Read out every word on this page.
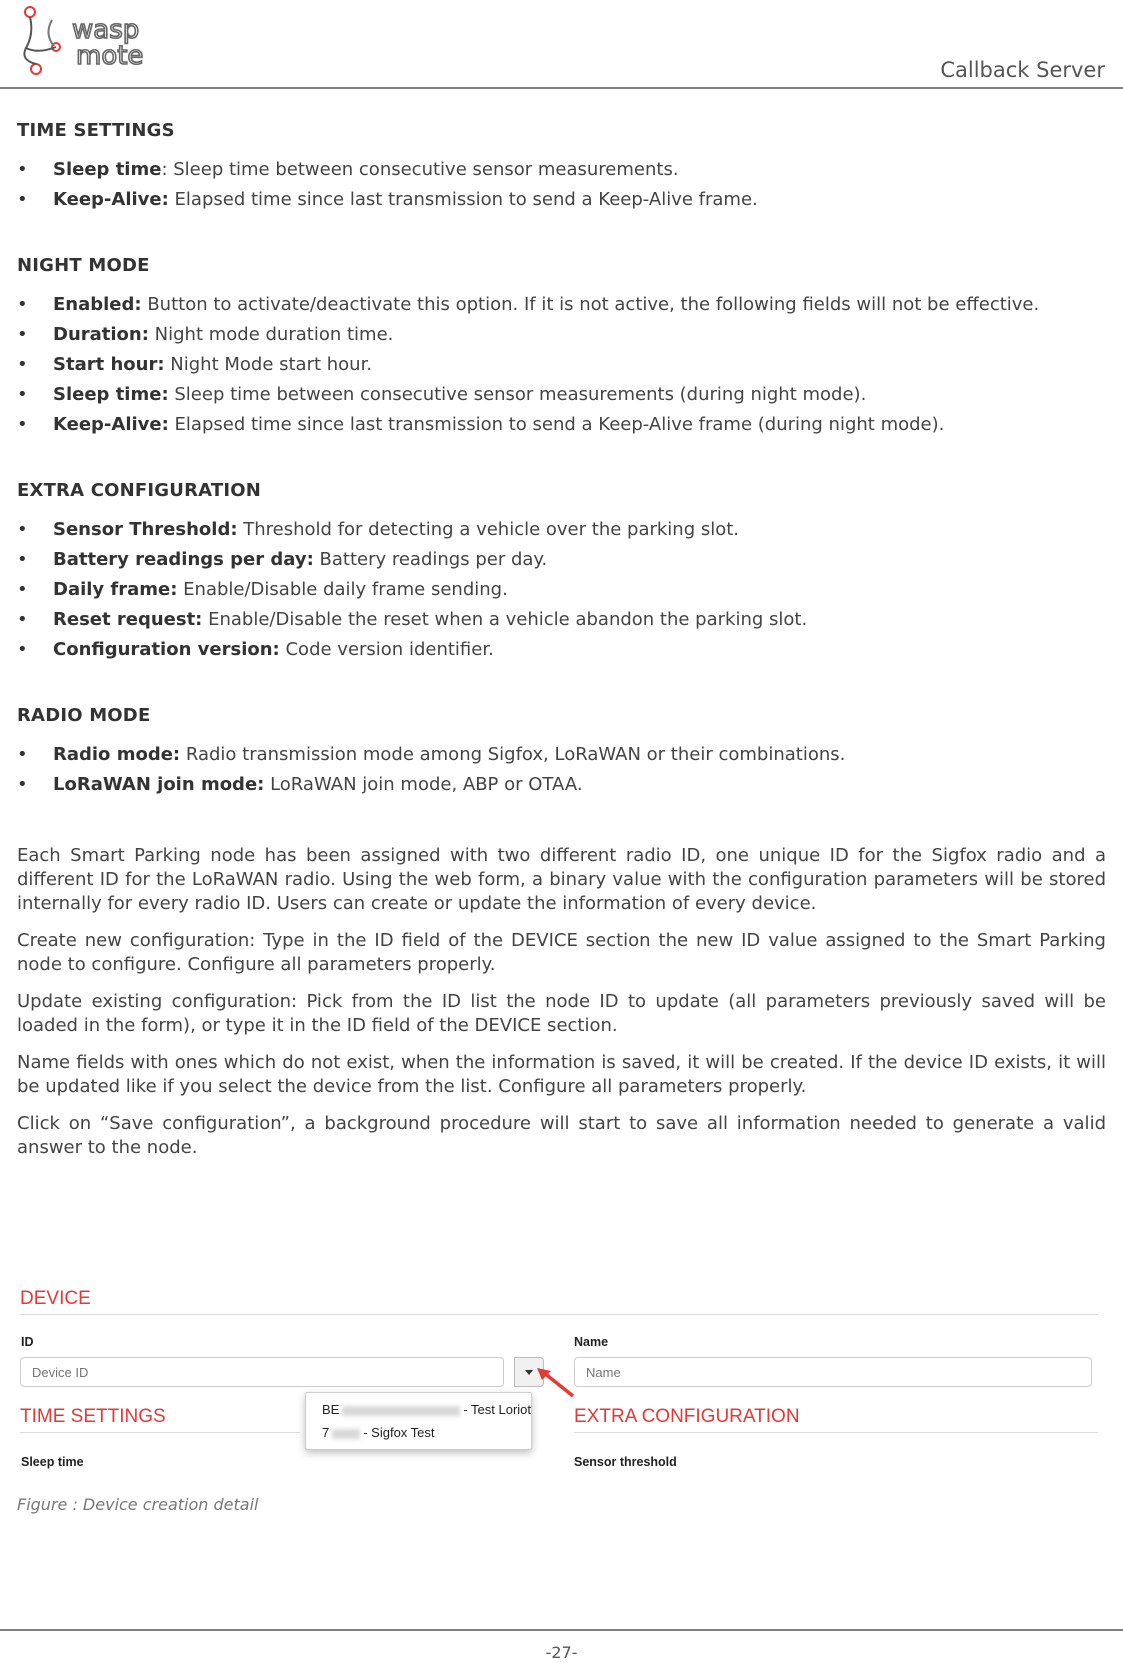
wasp
mote	Callback Server
TIME SETTINGS
•	Sleep time: Sleep time between consecutive sensor measurements.
•	Keep-Alive: Elapsed time since last transmission to send a Keep-Alive frame.
NIGHT MODE
•	Enabled: Button to activate/deactivate this option. If it is not active, the following fields will not be effective.
•	Duration: Night mode duration time.
•	Start hour: Night Mode start hour.
•	Sleep time: Sleep time between consecutive sensor measurements (during night mode).
•	Keep-Alive: Elapsed time since last transmission to send a Keep-Alive frame (during night mode).
EXTRA CONFIGURATION
•	Sensor Threshold: Threshold for detecting a vehicle over the parking slot.
•	Battery readings per day: Battery readings per day.
•	Daily frame: Enable/Disable daily frame sending.
•	Reset request: Enable/Disable the reset when a vehicle abandon the parking slot.
•	Configuration version: Code version identifier.
RADIO MODE
•	Radio mode: Radio transmission mode among Sigfox, LoRaWAN or their combinations.
•	LoRaWAN join mode: LoRaWAN join mode, ABP or OTAA.

Each Smart Parking node has been assigned with two different radio ID, one unique ID for the Sigfox radio and a different ID for the LoRaWAN radio. Using the web form, a binary value with the configuration parameters will be stored internally for every radio ID. Users can create or update the information of every device.

Create new configuration: Type in the ID field of the DEVICE section the new ID value assigned to the Smart Parking node to configure. Configure all parameters properly.

Update existing configuration: Pick from the ID list the node ID to update (all parameters previously saved will be loaded in the form), or type it in the ID field of the DEVICE section.

Name fields with ones which do not exist, when the information is saved, it will be created. If the device ID exists, it will be updated like if you select the device from the list. Configure all parameters properly.

Click on “Save configuration”, a background procedure will start to save all information needed to generate a valid answer to the node.

DEVICE
ID
Device ID	Name
Name
TIME SETTINGS
Sleep time
EXTRA CONFIGURATION
Sensor threshold
BE	- Test Loriot
7	- Sigfox Test
Figure : Device creation detail
-27-
